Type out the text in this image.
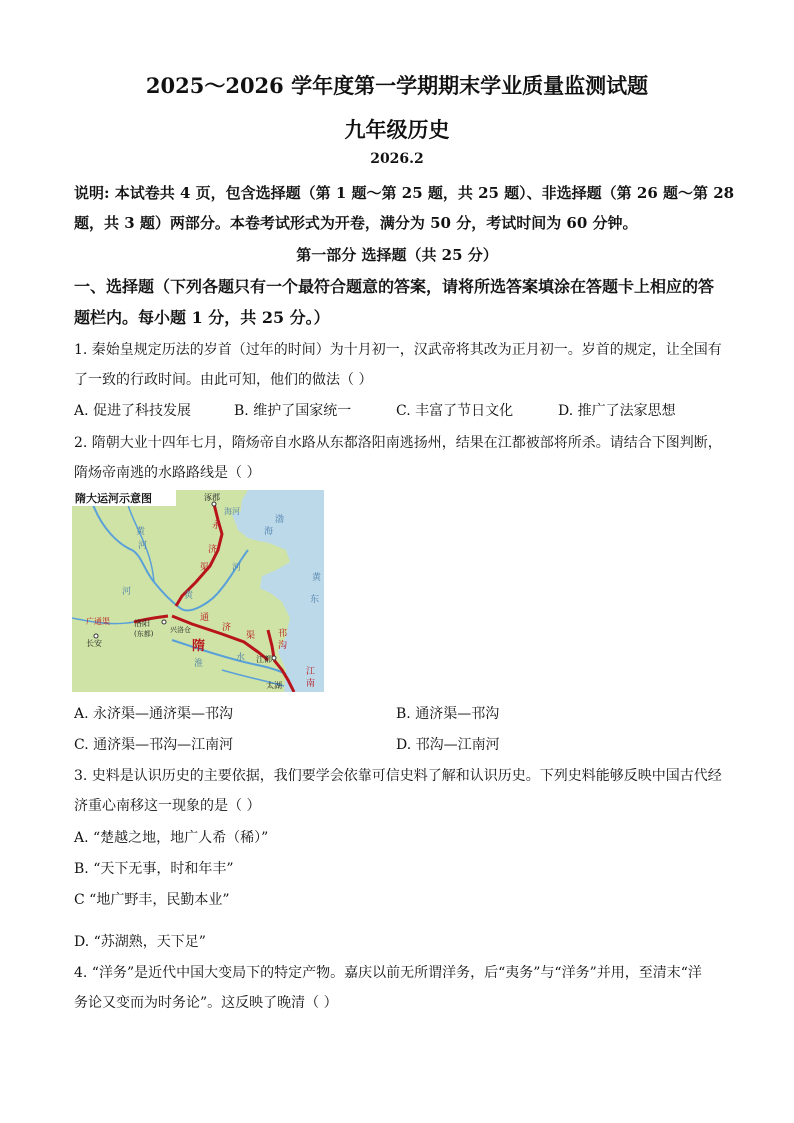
2025～2026 学年度第一学期期末学业质量监测试题
九年级历史
2026.2
说明: 本试卷共 4 页，包含选择题（第 1 题～第 25 题，共 25 题）、非选择题（第 26 题～第 28
题，共 3 题）两部分。本卷考试形式为开卷，满分为 50 分，考试时间为 60 分钟。
第一部分 选择题（共 25 分）
一、选择题（下列各题只有一个最符合题意的答案，请将所选答案填涂在答题卡上相应的答
题栏内。每小题 1 分，共 25 分。）
1. 秦始皇规定历法的岁首（过年的时间）为十月初一，汉武帝将其改为正月初一。岁首的规定，让全国有
了一致的行政时间。由此可知，他们的做法（ ）
A. 促进了科技发展	B. 维护了国家统一	C. 丰富了节日文化	D. 推广了法家思想
2. 隋朝大业十四年七月，隋炀帝自水路从东都洛阳南逃扬州，结果在江都被部将所杀。请结合下图判断，
隋炀帝南逃的水路路线是（ ）
隋大运河示意图	涿郡
海河
渤
海
永
济
渠
黄
河
河
河
黄
黄
东
广通渠	洛阳
(东都) 兴洛仓
长安
通
济
渠
隋
淮
水
邗
沟
江都
江
南
太湖
A. 永济渠—通济渠—邗沟	B. 通济渠—邗沟
C. 通济渠—邗沟—江南河	D. 邗沟—江南河
3. 史料是认识历史的主要依据，我们要学会依靠可信史料了解和认识历史。下列史料能够反映中国古代经
济重心南移这一现象的是（ ）
A. “楚越之地，地广人希（稀）”
B. “天下无事，时和年丰”
C “地广野丰，民勤本业”
D. “苏湖熟，天下足”
4. “洋务”是近代中国大变局下的特定产物。嘉庆以前无所谓洋务，后“夷务”与“洋务”并用，至清末“洋
务论又变而为时务论”。这反映了晚清（ ）
